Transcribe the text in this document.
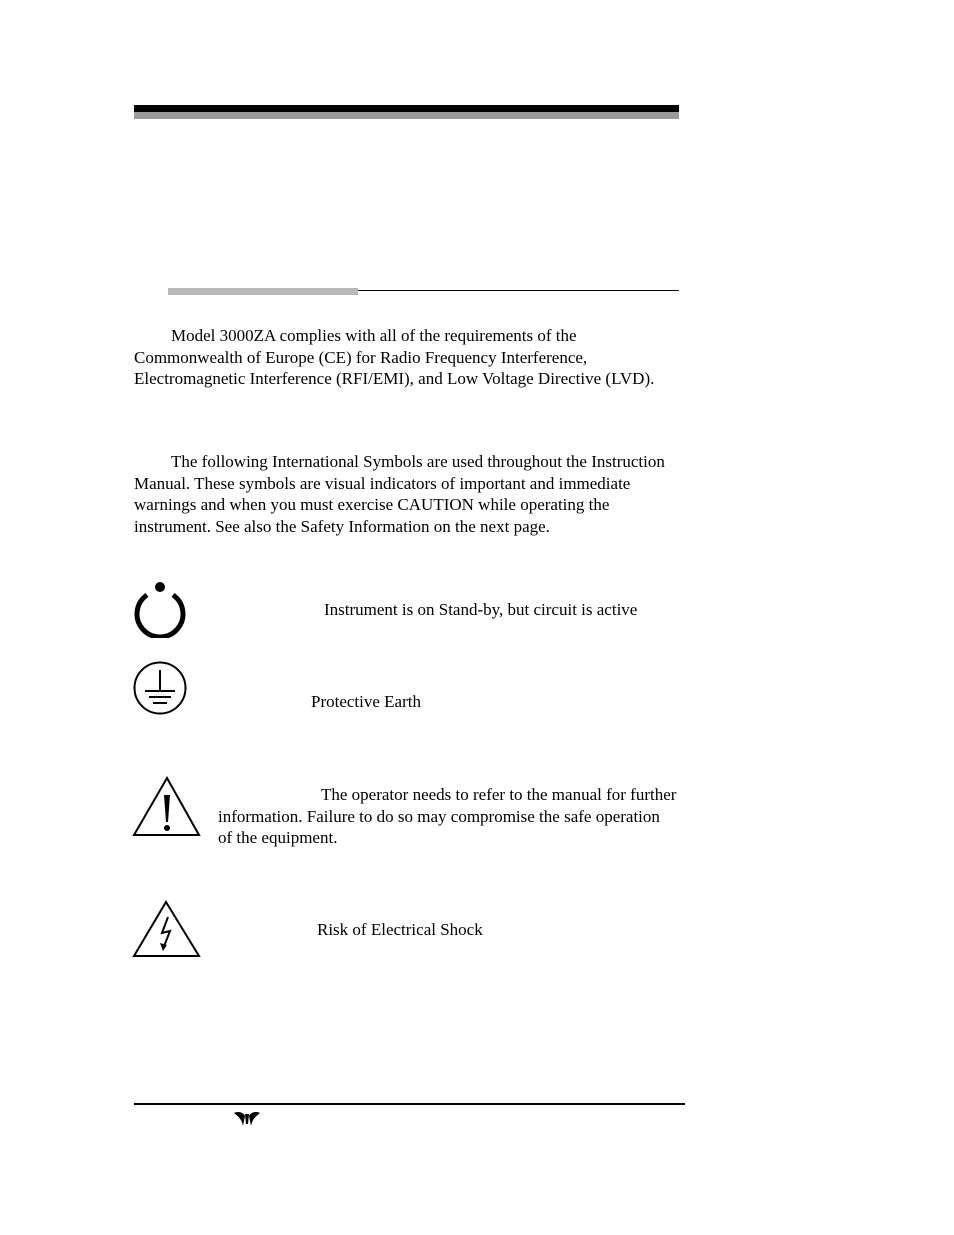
Model 3000ZA complies with all of the requirements of the Commonwealth of Europe (CE) for Radio Frequency Interference, Electromagnetic Interference (RFI/EMI), and Low Voltage Directive (LVD).

The following International Symbols are used throughout the Instruction Manual. These symbols are visual indicators of important and immediate warnings and when you must exercise CAUTION while operating the instrument. See also the Safety Information on the next page.

Instrument is on Stand-by, but circuit is active
Protective Earth
The operator needs to refer to the manual for further information. Failure to do so may compromise the safe operation of the equipment.
Risk of Electrical Shock
